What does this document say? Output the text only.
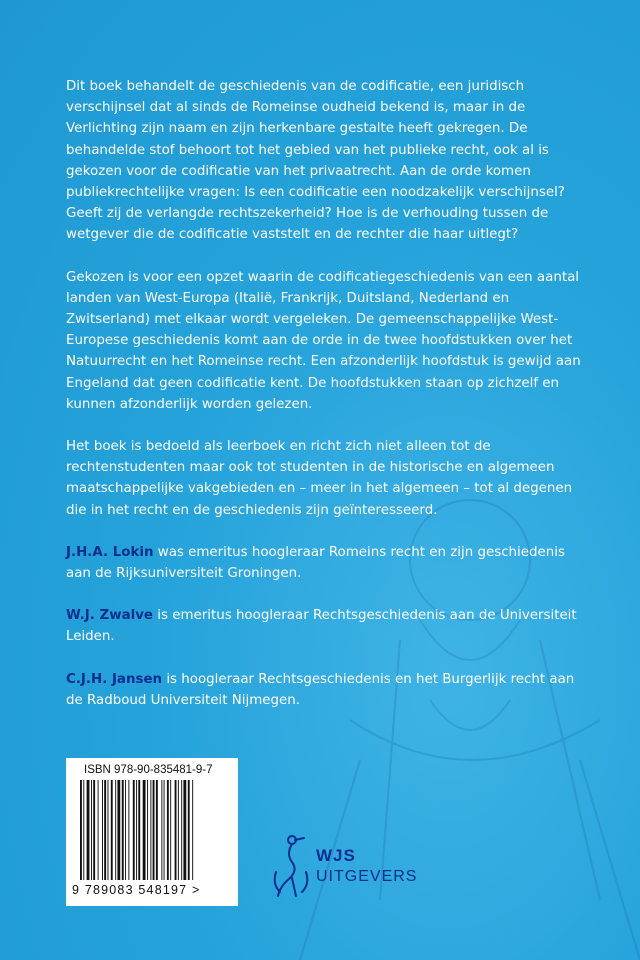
Dit boek behandelt de geschiedenis van de codificatie, een juridisch verschijnsel dat al sinds de Romeinse oudheid bekend is, maar in de Verlichting zijn naam en zijn herkenbare gestalte heeft gekregen. De behandelde stof behoort tot het gebied van het publieke recht, ook al is gekozen voor de codificatie van het privaatrecht. Aan de orde komen publiekrechtelijke vragen: Is een codificatie een noodzakelijk verschijnsel? Geeft zij de verlangde rechtszekerheid? Hoe is de verhouding tussen de wetgever die de codificatie vaststelt en de rechter die haar uitlegt?

Gekozen is voor een opzet waarin de codificatiegeschiedenis van een aantal landen van West-Europa (Italië, Frankrijk, Duitsland, Nederland en Zwitserland) met elkaar wordt vergeleken. De gemeenschappelijke West-Europese geschiedenis komt aan de orde in de twee hoofdstukken over het Natuurrecht en het Romeinse recht. Een afzonderlijk hoofdstuk is gewijd aan Engeland dat geen codificatie kent. De hoofdstukken staan op zichzelf en kunnen afzonderlijk worden gelezen.

Het boek is bedoeld als leerboek en richt zich niet alleen tot de rechtenstudenten maar ook tot studenten in de historische en algemeen maatschappelijke vakgebieden en – meer in het algemeen – tot al degenen die in het recht en de geschiedenis zijn geïnteresseerd.

J.H.A. Lokin was emeritus hoogleraar Romeins recht en zijn geschiedenis aan de Rijksuniversiteit Groningen.

W.J. Zwalve is emeritus hoogleraar Rechtsgeschiedenis aan de Universiteit Leiden.

C.J.H. Jansen is hoogleraar Rechtsgeschiedenis en het Burgerlijk recht aan de Radboud Universiteit Nijmegen.

ISBN 978-90-835481-9-7
9 789083 548197 >
WJS
UITGEVERS
